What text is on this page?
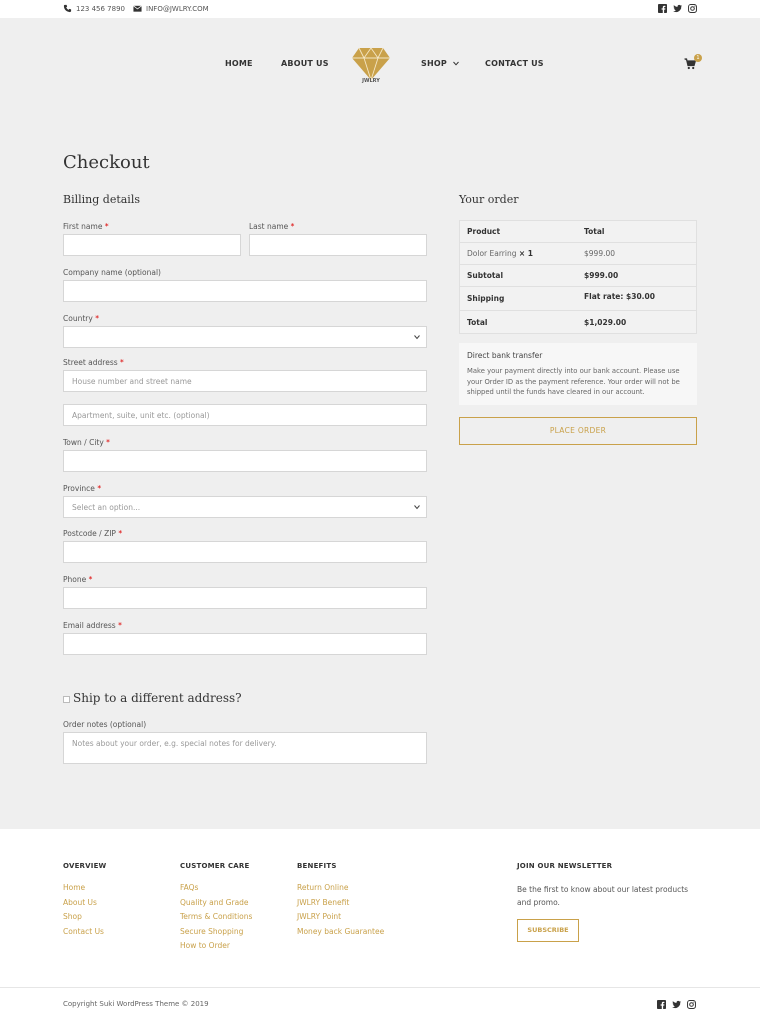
123 456 7890	INFO@JWLRY.COM
HOME	ABOUT US
JWLRY
SHOP	CONTACT US
1
Checkout
Billing details
First name *	Last name *
Company name (optional)
Country *
Street address *
House number and street name
Apartment, suite, unit etc. (optional)
Town / City *
Province *
Select an option...
Postcode / ZIP *
Phone *
Email address *
Ship to a different address?
Order notes (optional)
Notes about your order, e.g. special notes for delivery.
Your order
Product	Total
Dolor Earring × 1	$999.00
Subtotal	$999.00
Shipping	Flat rate: $30.00
Total	$1,029.00
Direct bank transfer
Make your payment directly into our bank account. Please use your Order ID as the payment reference. Your order will not be shipped until the funds have cleared in our account.
PLACE ORDER
OVERVIEW
Home
About Us
Shop
Contact Us
CUSTOMER CARE
FAQs
Quality and Grade
Terms & Conditions
Secure Shopping
How to Order
BENEFITS
Return Online
JWLRY Benefit
JWLRY Point
Money back Guarantee
JOIN OUR NEWSLETTER
Be the first to know about our latest products and promo.
SUBSCRIBE
Copyright Suki WordPress Theme © 2019
